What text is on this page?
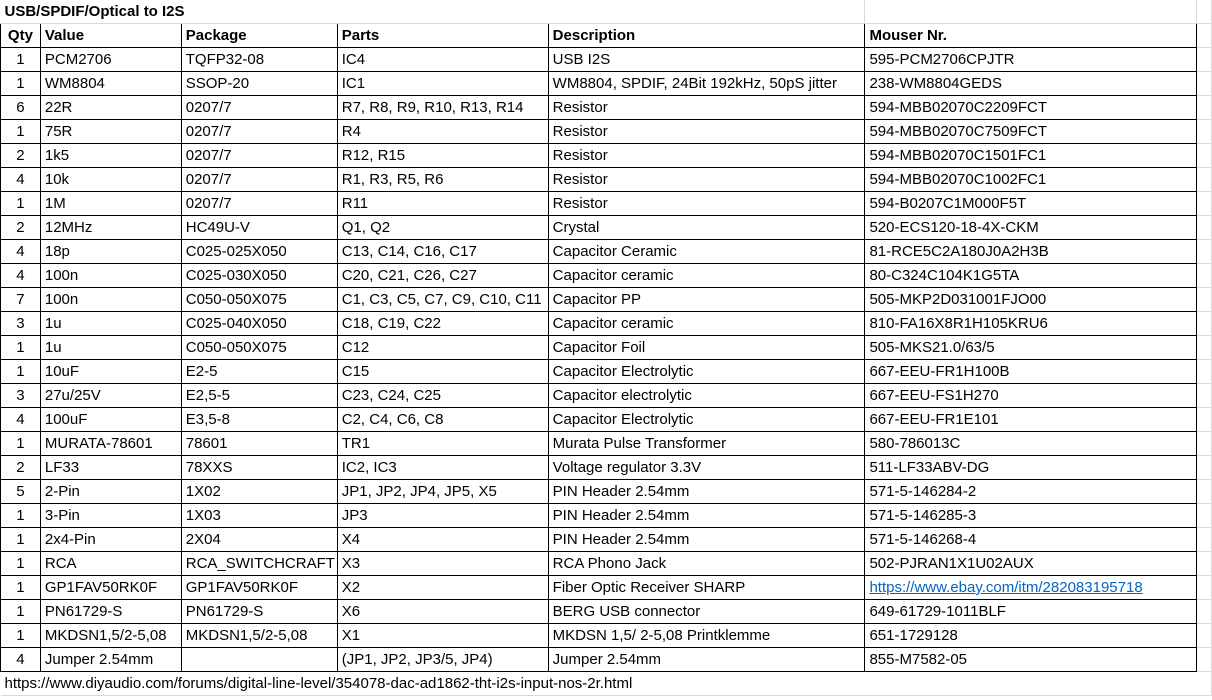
USB/SPDIF/Optical to I2S						
Qty	Value	Package	Parts	Description	Mouser Nr.	
1	PCM2706	TQFP32-08	IC4	USB I2S	595-PCM2706CPJTR	
1	WM8804	SSOP-20	IC1	WM8804, SPDIF, 24Bit 192kHz, 50pS jitter	238-WM8804GEDS	
6	22R	0207/7	R7, R8, R9, R10, R13, R14	Resistor	594-MBB02070C2209FCT	
1	75R	0207/7	R4	Resistor	594-MBB02070C7509FCT	
2	1k5	0207/7	R12, R15	Resistor	594-MBB02070C1501FC1	
4	10k	0207/7	R1, R3, R5, R6	Resistor	594-MBB02070C1002FC1	
1	1M	0207/7	R11	Resistor	594-B0207C1M000F5T	
2	12MHz	HC49U-V	Q1, Q2	Crystal	520-ECS120-18-4X-CKM	
4	18p	C025-025X050	C13, C14, C16, C17	Capacitor Ceramic	81-RCE5C2A180J0A2H3B	
4	100n	C025-030X050	C20, C21, C26, C27	Capacitor ceramic	80-C324C104K1G5TA	
7	100n	C050-050X075	C1, C3, C5, C7, C9, C10, C11	Capacitor PP	505-MKP2D031001FJO00	
3	1u	C025-040X050	C18, C19, C22	Capacitor ceramic	810-FA16X8R1H105KRU6	
1	1u	C050-050X075	C12	Capacitor Foil	505-MKS21.0/63/5	
1	10uF	E2-5	C15	Capacitor Electrolytic	667-EEU-FR1H100B	
3	27u/25V	E2,5-5	C23, C24, C25	Capacitor electrolytic	667-EEU-FS1H270	
4	100uF	E3,5-8	C2, C4, C6, C8	Capacitor Electrolytic	667-EEU-FR1E101	
1	MURATA-78601	78601	TR1	Murata Pulse Transformer	580-786013C	
2	LF33	78XXS	IC2, IC3	Voltage regulator 3.3V	511-LF33ABV-DG	
5	2-Pin	1X02	JP1, JP2, JP4, JP5, X5	PIN Header 2.54mm	571-5-146284-2	
1	3-Pin	1X03	JP3	PIN Header 2.54mm	571-5-146285-3	
1	2x4-Pin	2X04	X4	PIN Header 2.54mm	571-5-146268-4	
1	RCA	RCA_SWITCHCRAFT	X3	RCA Phono Jack	502-PJRAN1X1U02AUX	
1	GP1FAV50RK0F	GP1FAV50RK0F	X2	Fiber Optic Receiver SHARP	https://www.ebay.com/itm/282083195718	
1	PN61729-S	PN61729-S	X6	BERG USB connector	649-61729-1011BLF	
1	MKDSN1,5/2-5,08	MKDSN1,5/2-5,08	X1	MKDSN 1,5/ 2-5,08 Printklemme	651-1729128	
4	Jumper 2.54mm		(JP1, JP2, JP3/5, JP4)	Jumper 2.54mm	855-M7582-05	
https://www.diyaudio.com/forums/digital-line-level/354078-dac-ad1862-tht-i2s-input-nos-2r.html						
